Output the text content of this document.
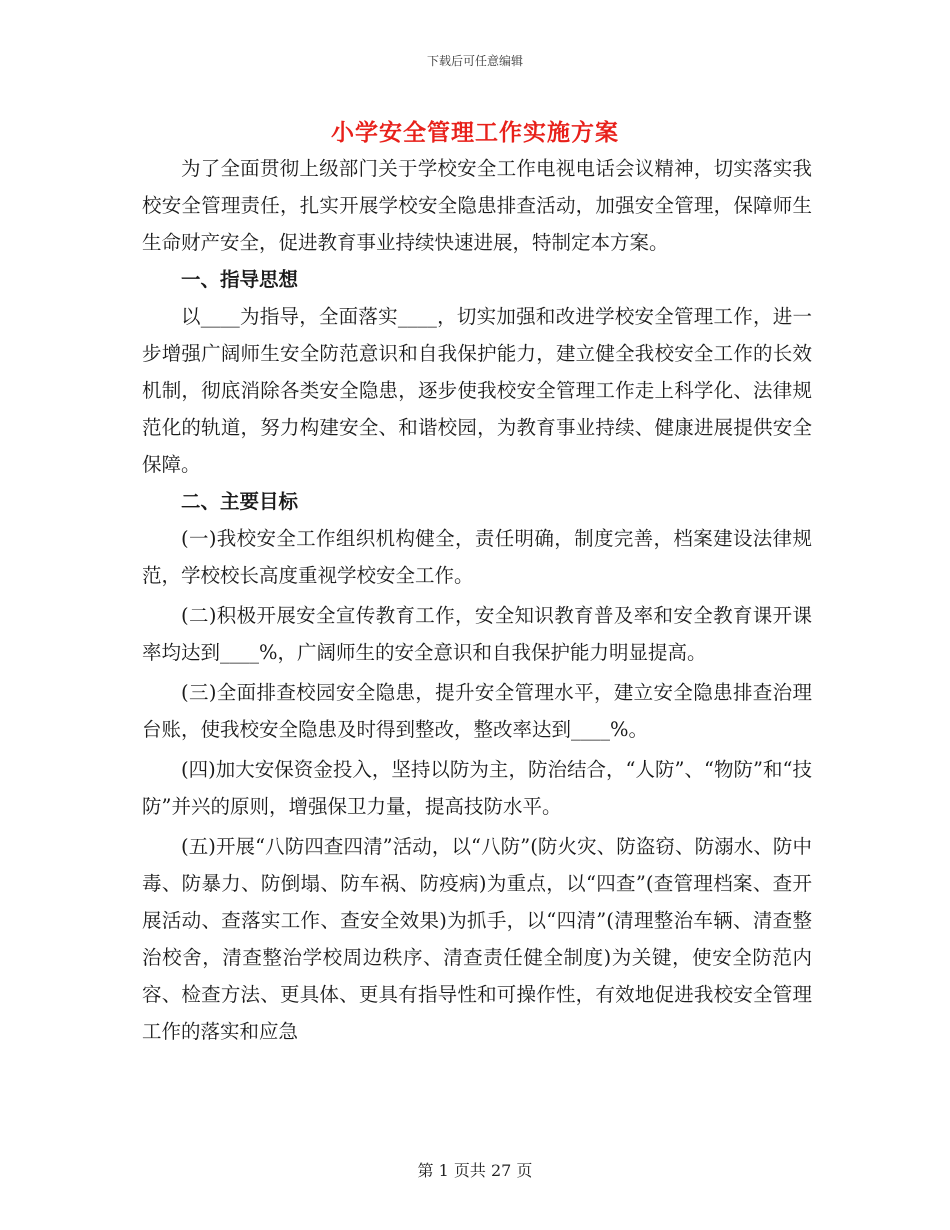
下载后可任意编辑
小学安全管理工作实施方案

为了全面贯彻上级部门关于学校安全工作电视电话会议精神，切实落实我校安全管理责任，扎实开展学校安全隐患排查活动，加强安全管理，保障师生生命财产安全，促进教育事业持续快速进展，特制定本方案。

一、指导思想

以____为指导，全面落实____，切实加强和改进学校安全管理工作，进一步增强广阔师生安全防范意识和自我保护能力，建立健全我校安全工作的长效机制，彻底消除各类安全隐患，逐步使我校安全管理工作走上科学化、法律规范化的轨道，努力构建安全、和谐校园，为教育事业持续、健康进展提供安全保障。

二、主要目标

(一)我校安全工作组织机构健全，责任明确，制度完善，档案建设法律规范，学校校长高度重视学校安全工作。

(二)积极开展安全宣传教育工作，安全知识教育普及率和安全教育课开课率均达到____%，广阔师生的安全意识和自我保护能力明显提高。

(三)全面排查校园安全隐患，提升安全管理水平，建立安全隐患排查治理台账，使我校安全隐患及时得到整改，整改率达到____%。

(四)加大安保资金投入，坚持以防为主，防治结合，“人防”、“物防”和“技防”并兴的原则，增强保卫力量，提高技防水平。

(五)开展“八防四查四清”活动，以“八防”(防火灾、防盗窃、防溺水、防中毒、防暴力、防倒塌、防车祸、防疫病)为重点，以“四查”(查管理档案、查开展活动、查落实工作、查安全效果)为抓手，以“四清”(清理整治车辆、清查整治校舍，清查整治学校周边秩序、清查责任健全制度)为关键，使安全防范内容、检查方法、更具体、更具有指导性和可操作性，有效地促进我校安全管理工作的落实和应急

第 1 页共 27 页
